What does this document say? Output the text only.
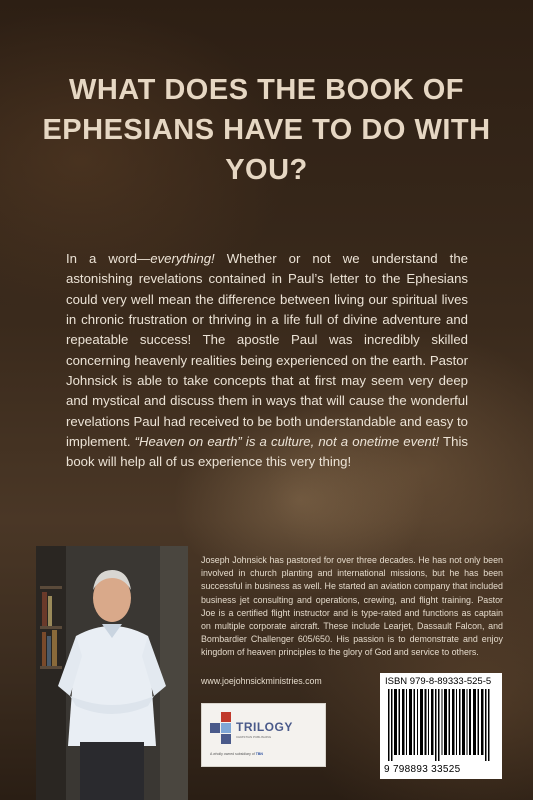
WHAT DOES THE BOOK OF EPHESIANS HAVE TO DO WITH YOU?

In a word—everything! Whether or not we understand the astonishing revelations contained in Paul’s letter to the Ephesians could very well mean the difference between living our spiritual lives in chronic frustration or thriving in a life full of divine adventure and repeatable success! The apostle Paul was incredibly skilled concerning heavenly realities being experienced on the earth. Pastor Johnsick is able to take concepts that at first may seem very deep and mystical and discuss them in ways that will cause the wonderful revelations Paul had received to be both understandable and easy to implement. “Heaven on earth” is a culture, not a onetime event! This book will help all of us experience this very thing!

Joseph Johnsick has pastored for over three decades. He has not only been involved in church planting and international missions, but he has been successful in business as well. He started an aviation company that included business jet consulting and operations, crewing, and flight training. Pastor Joe is a certified flight instructor and is type-rated and functions as captain on multiple corporate aircraft. These include Learjet, Dassault Falcon, and Bombardier Challenger 605/650. His passion is to demonstrate and enjoy kingdom of heaven principles to the glory of God and service to others.

www.joejohnsickministries.com
TRILOGY
CHRISTIAN PUBLISHING
A wholly owned subsidiary of TBN
ISBN 979-8-89333-525-5
9 798893 33525
